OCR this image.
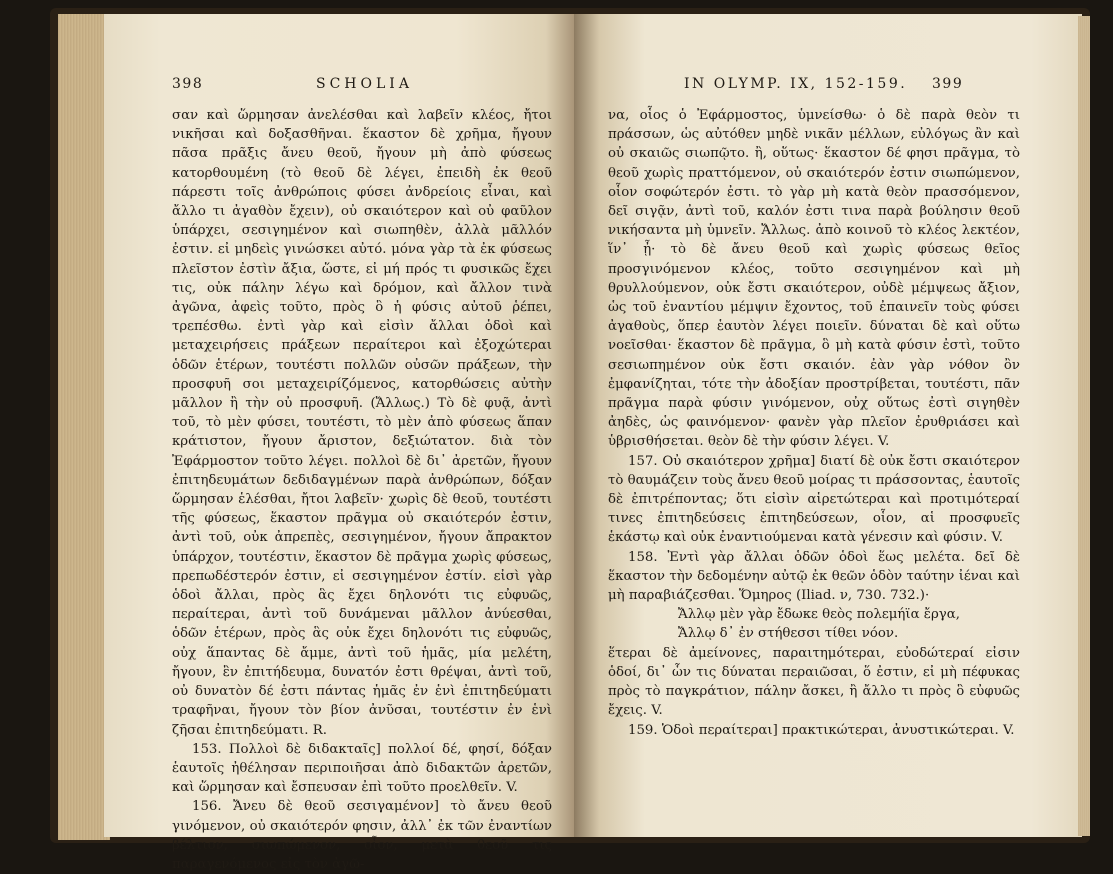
398	SCHOLIA

σαν καὶ ὥρμησαν ἀνελέσθαι καὶ λαβεῖν κλέος, ἤτοι νικῆσαι καὶ δοξασθῆναι. ἕκαστον δὲ χρῆμα, ἤγουν πᾶσα πρᾶξις ἄνευ θεοῦ, ἤγουν μὴ ἀπὸ φύσεως κατορθουμένη (τὸ θεοῦ δὲ λέγει, ἐπειδὴ ἐκ θεοῦ πάρεστι τοῖς ἀνθρώποις φύσει ἀνδρείοις εἶναι, καὶ ἄλλο τι ἀγαθὸν ἔχειν), οὐ σκαιότερον καὶ οὐ φαῦλον ὑπάρχει, σεσιγημένον καὶ σιωπηθὲν, ἀλλὰ μᾶλλόν ἐστιν. εἰ μηδεὶς γινώσκει αὐτό. μόνα γὰρ τὰ ἐκ φύσεως πλεῖστον ἐστὶν ἄξια, ὥστε, εἰ μή πρός τι φυσικῶς ἔχει τις, οὐκ πάλην λέγω καὶ δρόμον, καὶ ἄλλον τινὰ ἀγῶνα, ἀφεὶς τοῦτο, πρὸς ὃ ἡ φύσις αὐτοῦ ῥέπει, τρεπέσθω. ἐντὶ γὰρ καὶ εἰσὶν ἄλλαι ὁδοὶ καὶ μεταχειρήσεις πράξεων περαίτεροι καὶ ἐξοχώτεραι ὁδῶν ἑτέρων, τουτέστι πολλῶν οὐσῶν πράξεων, τὴν προσφυῆ σοι μεταχειρίζόμενος, κατορθώσεις αὐτὴν μᾶλλον ἢ τὴν οὐ προσφυῆ. (Ἄλλως.) Τὸ δὲ φυᾷ, ἀντὶ τοῦ, τὸ μὲν φύσει, τουτέστι, τὸ μὲν ἀπὸ φύσεως ἅπαν κράτιστον, ἤγουν ἄριστον, δεξιώτατον. διὰ τὸν Ἐφάρμοστον τοῦτο λέγει. πολλοὶ δὲ δι᾽ ἀρετῶν, ἤγουν ἐπιτηδευμάτων δεδιδαγμένων παρὰ ἀνθρώπων, δόξαν ὥρμησαν ἑλέσθαι, ἤτοι λαβεῖν· χωρὶς δὲ θεοῦ, τουτέστι τῆς φύσεως, ἕκαστον πρᾶγμα οὐ σκαιότερόν ἐστιν, ἀντὶ τοῦ, οὐκ ἀπρεπὲς, σεσιγημένον, ἤγουν ἄπρακτον ὑπάρχον, τουτέστιν, ἕκαστον δὲ πρᾶγμα χωρὶς φύσεως, πρεπωδέστερόν ἐστιν, εἰ σεσιγημένον ἐστίν. εἰσὶ γὰρ ὁδοὶ ἄλλαι, πρὸς ἃς ἔχει δηλονότι τις εὐφυῶς, περαίτεραι, ἀντὶ τοῦ δυνάμεναι μᾶλλον ἀνύεσθαι, ὁδῶν ἑτέρων, πρὸς ἃς οὐκ ἔχει δηλονότι τις εὐφυῶς, οὐχ ἅπαντας δὲ ἄμμε, ἀντὶ τοῦ ἡμᾶς, μία μελέτη, ἤγουν, ἓν ἐπιτήδευμα, δυνατόν ἐστι θρέψαι, ἀντὶ τοῦ, οὐ δυνατὸν δέ ἐστι πάντας ἡμᾶς ἐν ἑνὶ ἐπιτηδεύματι τραφῆναι, ἤγουν τὸν βίον ἀνῦσαι, τουτέστιν ἐν ἑνὶ ζῆσαι ἐπιτηδεύματι. R.

153. Πολλοὶ δὲ διδακταῖς] πολλοί δέ, φησί, δόξαν ἑαυτοῖς ἠθέλησαν περιποιῆσαι ἀπὸ διδακτῶν ἀρετῶν, καὶ ὥρμησαν καὶ ἔσπευσαν ἐπὶ τοῦτο προελθεῖν. V.

156. Ἄνευ δὲ θεοῦ σεσιγαμένον] τὸ ἄνευ θεοῦ γινόμενον, οὐ σκαιότερόν φησιν, ἀλλ᾽ ἐκ τῶν ἐναντίων βέλτιον, σιωπώμενον, οἷον, μετὰ θεοῦ τις παραγενόμενος εἰς τὸν ἀγῶ-

IN OLYMP. IX, 152-159. 399

να, οἷος ὁ Ἐφάρμοστος, ὑμνείσθω· ὁ δὲ παρὰ θεὸν τι πράσσων, ὡς αὐτόθεν μηδὲ νικᾶν μέλλων, εὐλόγως ἂν καὶ οὐ σκαιῶς σιωπῷτο. ἢ, οὕτως· ἕκαστον δέ φησι πρᾶγμα, τὸ θεοῦ χωρὶς πραττόμενον, οὐ σκαιότερόν ἐστιν σιωπώμενον, οἷον σοφώτερόν ἐστι. τὸ γὰρ μὴ κατὰ θεὸν πρασσόμενον, δεῖ σιγᾷν, ἀντὶ τοῦ, καλόν ἐστι τινα παρὰ βούλησιν θεοῦ νικήσαντα μὴ ὑμνεῖν. Ἄλλως. ἀπὸ κοινοῦ τὸ κλέος λεκτέον, ἵν᾽ ᾖ· τὸ δὲ ἄνευ θεοῦ καὶ χωρὶς φύσεως θεῖος προσγινόμενον κλέος, τοῦτο σεσιγημένον καὶ μὴ θρυλλούμενον, οὐκ ἔστι σκαιότερον, οὐδὲ μέμψεως ἄξιον, ὡς τοῦ ἐναντίου μέμψιν ἔχοντος, τοῦ ἐπαινεῖν τοὺς φύσει ἀγαθοὺς, ὅπερ ἑαυτὸν λέγει ποιεῖν. δύναται δὲ καὶ οὕτω νοεῖσθαι· ἕκαστον δὲ πρᾶγμα, ὃ μὴ κατὰ φύσιν ἐστὶ, τοῦτο σεσιωπημένον οὐκ ἔστι σκαιόν. ἐὰν γὰρ νόθον ὂν ἐμφανίζηται, τότε τὴν ἀδοξίαν προστρίβεται, τουτέστι, πᾶν πρᾶγμα παρὰ φύσιν γινόμενον, οὐχ οὕτως ἐστὶ σιγηθὲν ἀηδὲς, ὡς φαινόμενον· φανὲν γὰρ πλεῖον ἐρυθριάσει καὶ ὑβρισθήσεται. θεὸν δὲ τὴν φύσιν λέγει. V.

157. Οὐ σκαιότερον χρῆμα] διατί δὲ οὐκ ἔστι σκαιότερον τὸ θαυμάζειν τοὺς ἄνευ θεοῦ μοίρας τι πράσσοντας, ἑαυτοῖς δὲ ἐπιτρέποντας; ὅτι εἰσὶν αἱρετώτεραι καὶ προτιμότεραί τινες ἐπιτηδεύσεις ἐπιτηδεύσεων, οἷον, αἱ προσφυεῖς ἑκάστῳ καὶ οὐκ ἐναντιούμεναι κατὰ γένεσιν καὶ φύσιν. V.

158. Ἐντὶ γὰρ ἄλλαι ὁδῶν ὁδοὶ ἕως μελέτα. δεῖ δὲ ἕκαστον τὴν δεδομένην αὐτῷ ἐκ θεῶν ὁδὸν ταύτην ἰέναι καὶ μὴ παραβιάζεσθαι. Ὅμηρος (Iliad. ν, 730. 732.)·

Ἄλλῳ μὲν γὰρ ἔδωκε θεὸς πολεμήϊα ἔργα,

Ἄλλῳ δ᾽ ἐν στήθεσσι τίθει νόον.

ἕτεραι δὲ ἀμείνονες, παραιτημότεραι, εὐοδώτεραί εἰσιν ὁδοί, δι᾽ ὧν τις δύναται περαιῶσαι, ὅ ἐστιν, εἰ μὴ πέφυκας πρὸς τὸ παγκράτιον, πάλην ἄσκει, ἢ ἄλλο τι πρὸς ὃ εὐφυῶς ἔχεις. V.

159. Ὁδοὶ περαίτεραι] πρακτικώτεραι, ἀνυστικώτεραι. V.
